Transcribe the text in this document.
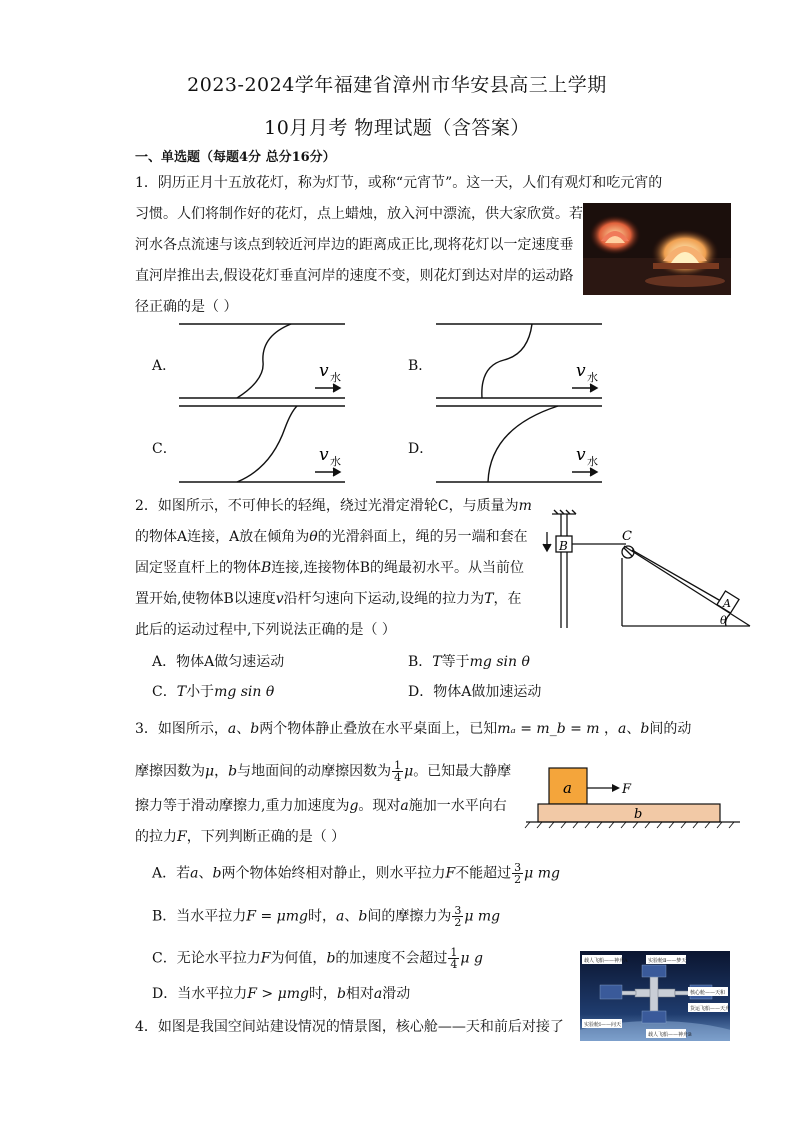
2023-2024学年福建省漳州市华安县高三上学期
10月月考 物理试题（含答案）
一、单选题（每题4分 总分16分）
1．阴历正月十五放花灯，称为灯节，或称“元宵节”。这一天，人们有观灯和吃元宵的
习惯。人们将制作好的花灯，点上蜡烛，放入河中漂流，供大家欣赏。若
河水各点流速与该点到较近河岸边的距离成正比,现将花灯以一定速度垂
直河岸推出去,假设花灯垂直河岸的速度不变，则花灯到达对岸的运动路
径正确的是（ ）
A．	B．
C．	D．
v 水
v 水
v 水
v 水
2．如图所示，不可伸长的轻绳，绕过光滑定滑轮C，与质量为m
的物体A连接，A放在倾角为θ的光滑斜面上，绳的另一端和套在
固定竖直杆上的物体B连接,连接物体B的绳最初水平。从当前位
置开始,使物体B以速度v沿杆匀速向下运动,设绳的拉力为T，在
此后的运动过程中,下列说法正确的是（ ）
A．物体A做匀速运动	B．T等于mg sin θ
C．T小于mg sin θ	D．物体A做加速运动
B
C
A
θ
3．如图所示，a、b两个物体静止叠放在水平桌面上，已知mₐ = m_b = m ，a、b间的动
摩擦因数为μ，b与地面间的动摩擦因数为 $\frac{1}{4}$ μ。已知最大静摩
擦力等于滑动摩擦力,重力加速度为g。现对a施加一水平向右
的拉力F，下列判断正确的是（ ）
A．若a、b两个物体始终相对静止，则水平拉力F不能超过 $\frac{3}{2}$ μ mg
B．当水平拉力F = μmg时，a、b间的摩擦力为 $\frac{3}{2}$ μ mg
C．无论水平拉力F为何值，b的加速度不会超过 $\frac{1}{4}$ μ g
D．当水平拉力F > μmg时，b相对a滑动
a
b
F
4．如图是我国空间站建设情况的情景图，核心舱——天和前后对接了
载人飞船——神舟A	实验舱Ⅱ——梦天
核心舱——天和
货运飞船——天舟
实验舱Ⅰ——问天
载人飞船——神舟B
